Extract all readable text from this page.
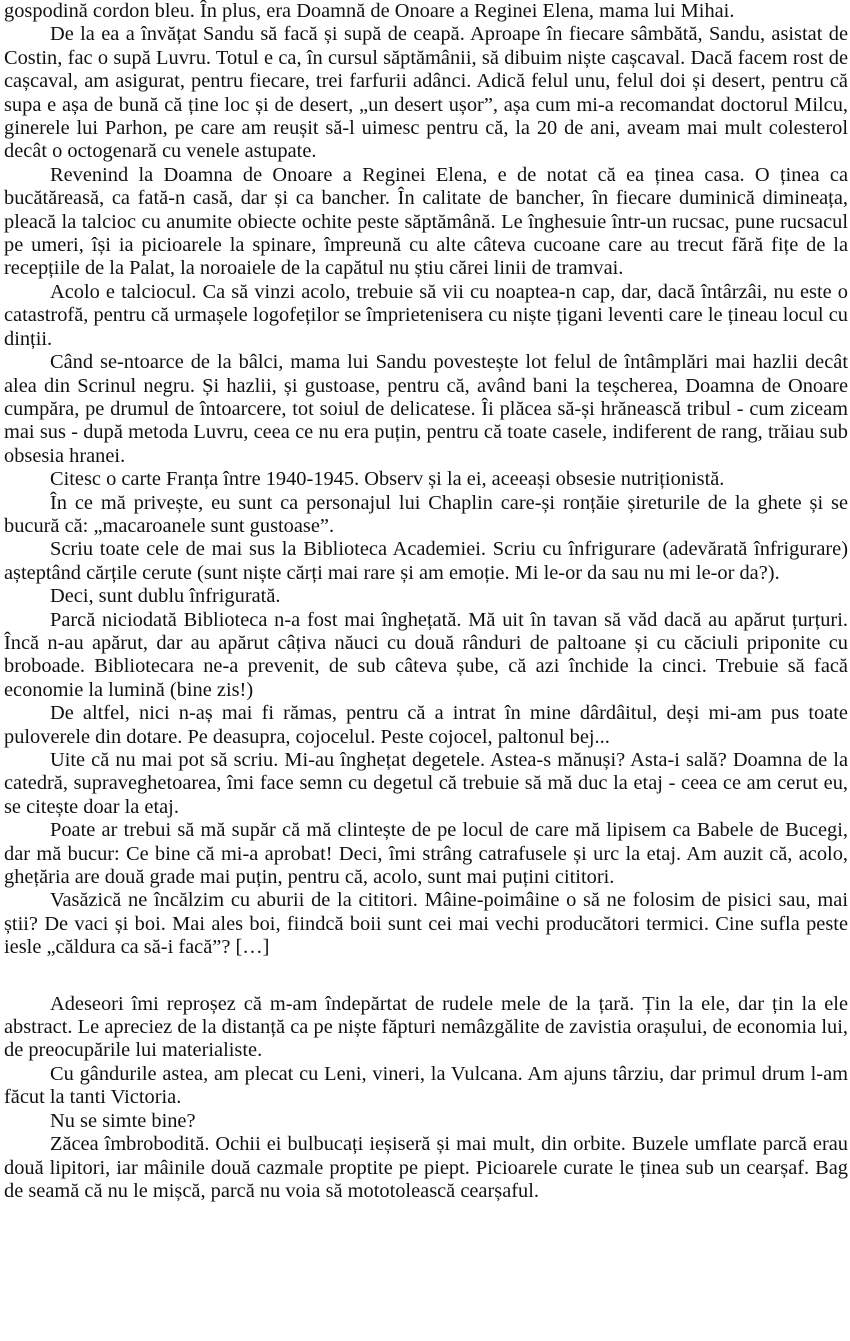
gospodină cordon bleu. În plus, era Doamnă de Onoare a Reginei Elena, mama lui Mihai.

De la ea a învățat Sandu să facă și supă de ceapă. Aproape în fiecare sâmbătă, Sandu, asistat de Costin, fac o supă Luvru. Totul e ca, în cursul săptămânii, să dibuim niște cașcaval. Dacă facem rost de cașcaval, am asigurat, pentru fiecare, trei farfurii adânci. Adică felul unu, felul doi și desert, pentru că supa e așa de bună că ține loc și de desert, „un desert ușor”, așa cum mi-a recomandat doctorul Milcu, ginerele lui Parhon, pe care am reușit să-l uimesc pentru că, la 20 de ani, aveam mai mult colesterol decât o octogenară cu venele astupate.

Revenind la Doamna de Onoare a Reginei Elena, e de notat că ea ținea casa. O ținea ca bucătăreasă, ca fată-n casă, dar și ca bancher. În calitate de bancher, în fiecare duminică dimineața, pleacă la talcioc cu anumite obiecte ochite peste săptămână. Le înghesuie într-un rucsac, pune rucsacul pe umeri, își ia picioarele la spinare, împreună cu alte câteva cucoane care au trecut fără fițe de la recepțiile de la Palat, la noroaiele de la capătul nu știu cărei linii de tramvai.

Acolo e talciocul. Ca să vinzi acolo, trebuie să vii cu noaptea-n cap, dar, dacă întârzâi, nu este o catastrofă, pentru că urmașele logofeților se împrietenisera cu niște țigani leventi care le țineau locul cu dinții.

Când se-ntoarce de la bâlci, mama lui Sandu povestește lot felul de întâmplări mai hazlii decât alea din Scrinul negru. Și hazlii, și gustoase, pentru că, având bani la teșcherea, Doamna de Onoare cumpăra, pe drumul de întoarcere, tot soiul de delicatese. Îi plăcea să-și hrănească tribul - cum ziceam mai sus - după metoda Luvru, ceea ce nu era puțin, pentru că toate casele, indiferent de rang, trăiau sub obsesia hranei.

Citesc o carte Franța între 1940-1945. Observ și la ei, aceeași obsesie nutriționistă.

În ce mă privește, eu sunt ca personajul lui Chaplin care-și ronțăie șireturile de la ghete și se bucură că: „macaroanele sunt gustoase”.

Scriu toate cele de mai sus la Biblioteca Academiei. Scriu cu înfrigurare (adevărată înfrigurare) așteptând cărțile cerute (sunt niște cărți mai rare și am emoție. Mi le-or da sau nu mi le-or da?).

Deci, sunt dublu înfrigurată.

Parcă niciodată Biblioteca n-a fost mai înghețată. Mă uit în tavan să văd dacă au apărut țurțuri. Încă n-au apărut, dar au apărut câțiva năuci cu două rânduri de paltoane și cu căciuli priponite cu broboade. Bibliotecara ne-a prevenit, de sub câteva șube, că azi închide la cinci. Trebuie să facă economie la lumină (bine zis!)

De altfel, nici n-aș mai fi rămas, pentru că a intrat în mine dârdâitul, deși mi-am pus toate puloverele din dotare. Pe deasupra, cojocelul. Peste cojocel, paltonul bej...

Uite că nu mai pot să scriu. Mi-au înghețat degetele. Astea-s mănuși? Asta-i sală? Doamna de la catedră, supraveghetoarea, îmi face semn cu degetul că trebuie să mă duc la etaj - ceea ce am cerut eu, se citește doar la etaj.

Poate ar trebui să mă supăr că mă clintește de pe locul de care mă lipisem ca Babele de Bucegi, dar mă bucur: Ce bine că mi-a aprobat! Deci, îmi strâng catrafusele și urc la etaj. Am auzit că, acolo, ghețăria are două grade mai puțin, pentru că, acolo, sunt mai puțini cititori.

Vasăzică ne încălzim cu aburii de la cititori. Mâine-poimâine o să ne folosim de pisici sau, mai știi? De vaci și boi. Mai ales boi, fiindcă boii sunt cei mai vechi producători termici. Cine sufla peste iesle „căldura ca să-i facă”? […]

Adeseori îmi reproșez că m-am îndepărtat de rudele mele de la țară. Țin la ele, dar țin la ele abstract. Le apreciez de la distanță ca pe niște făpturi nemâzgălite de zavistia orașului, de economia lui, de preocupările lui materialiste.

Cu gândurile astea, am plecat cu Leni, vineri, la Vulcana. Am ajuns târziu, dar primul drum l-am făcut la tanti Victoria.

Nu se simte bine?

Zăcea îmbrobodită. Ochii ei bulbucați ieșiseră și mai mult, din orbite. Buzele umflate parcă erau două lipitori, iar mâinile două cazmale proptite pe piept. Picioarele curate le ținea sub un cearșaf. Bag de seamă că nu le mișcă, parcă nu voia să mototolească cearșaful.
